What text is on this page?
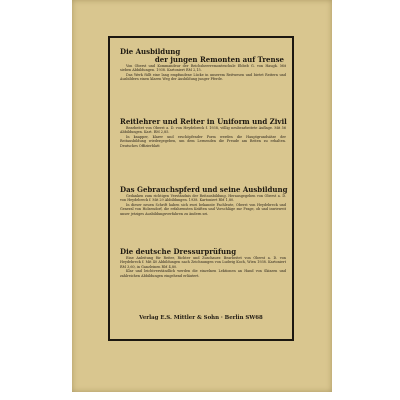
Die Ausbildung
der jungen Remonten auf Trense

Von Oberst und Kommandeur der Reichsheerremonteschule Ebbeb G. von Haugk. Mit sieben Abbildungen. 1938. Kartoniert RM 2,15.

Das Werk füllt eine lang empfundene Lücke in unserem Reitwesen und bietet Reitern und Ausbildern einen klaren Weg der Ausbildung junger Pferde.

Reitlehrer und Reiter in Uniform und Zivil

Bearbeitet von Oberst a. D. von Heydebreck f. 1938, völlig neubearbeitete Auflage. Mit 56 Abbildungen. Kart. RM 2,85.

In knapper, klarer und erschöpfender Form werden die Hauptgrundsätze der Reitausbildung wiedergegeben, um dem Lernenden die Freude am Reiten zu erhalten. Deutsches Offizierblatt

Das Gebrauchspferd und seine Ausbildung

Gedanken zum richtigen Verständnis der Reitausbildung. Herausgegeben von Oberst a. D. von Heydebreck f. Mit 29 Abbildungen. 1938. Kartoniert RM 1,80.

In dieser neuen Schrift haben sich zwei bekannte Fachleute, Oberst von Heydebreck und General von Holzendorf, die erfahrensten Kräften und Vorschläge zur Frage, ob und inwieweit unser jetziges Ausbildungsverfahren zu ändern sei.

Die deutsche Dressurprüfung

Eine Anleitung für Reiter, Richter und Zuschauer. Bearbeitet von Oberst a. D. von Heydebreck f. Mit 40 Abbildungen nach Zeichnungen von Ludwig Koch, Wien 1938. Kartoniert RM 3,60, in Ganzleinen RM 4,80.

Klar und leichtverständlich werden die einzelnen Lektionen an Hand von Skizzen und zahlreichen Abbildungen eingehend erläutert.

Verlag E.S. Mittler & Sohn · Berlin SW68
